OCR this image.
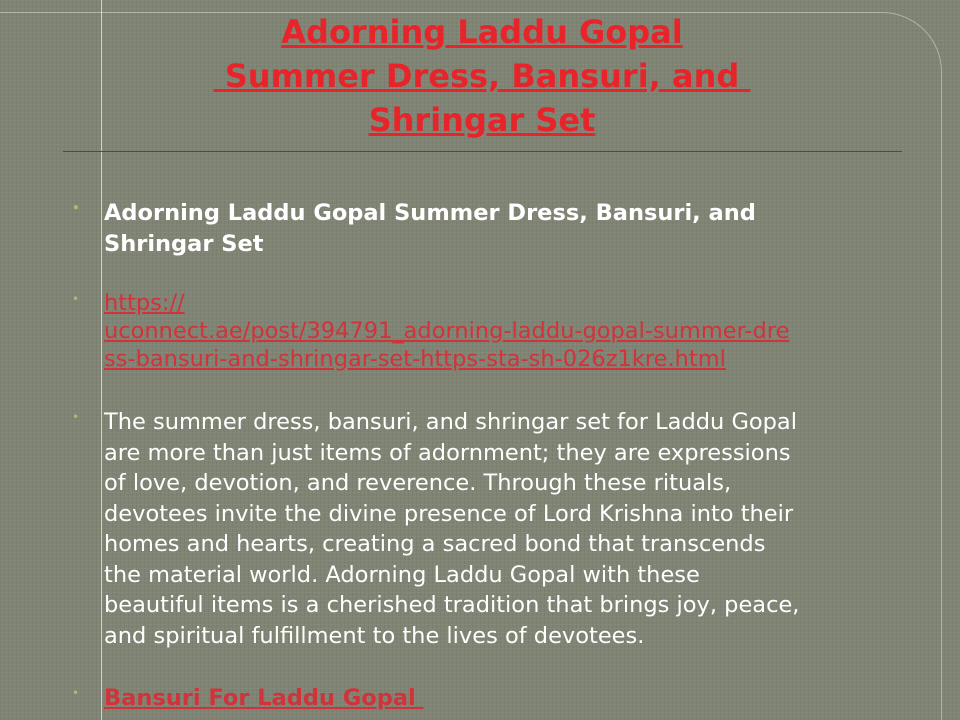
Adorning Laddu Gopal
Summer Dress, Bansuri, and
Shringar Set
• Adorning Laddu Gopal Summer Dress, Bansuri, and
Shringar Set
• https://
uconnect.ae/post/394791_adorning-laddu-gopal-summer-dre
ss-bansuri-and-shringar-set-https-sta-sh-026z1kre.html
• The summer dress, bansuri, and shringar set for Laddu Gopal
are more than just items of adornment; they are expressions
of love, devotion, and reverence. Through these rituals,
devotees invite the divine presence of Lord Krishna into their
homes and hearts, creating a sacred bond that transcends
the material world. Adorning Laddu Gopal with these
beautiful items is a cherished tradition that brings joy, peace,
and spiritual fulfillment to the lives of devotees.
• Bansuri For Laddu Gopal
